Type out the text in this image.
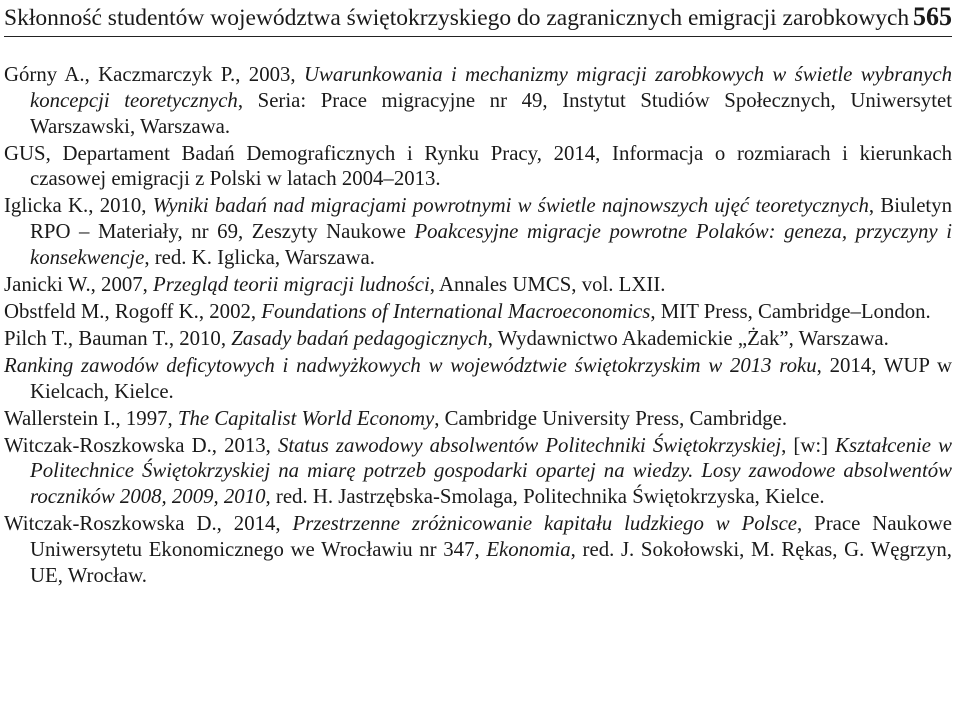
Skłonność studentów województwa świętokrzyskiego do zagranicznych emigracji zarobkowych 565

Górny A., Kaczmarczyk P., 2003, Uwarunkowania i mechanizmy migracji zarobkowych w świetle wybranych koncepcji teoretycznych, Seria: Prace migracyjne nr 49, Instytut Studiów Społecznych, Uniwersytet Warszawski, Warszawa.

GUS, Departament Badań Demograficznych i Rynku Pracy, 2014, Informacja o rozmiarach i kierunkach czasowej emigracji z Polski w latach 2004–2013.

Iglicka K., 2010, Wyniki badań nad migracjami powrotnymi w świetle najnowszych ujęć teoretycznych, Biuletyn RPO – Materiały, nr 69, Zeszyty Naukowe Poakcesyjne migracje powrotne Polaków: geneza, przyczyny i konsekwencje, red. K. Iglicka, Warszawa.

Janicki W., 2007, Przegląd teorii migracji ludności, Annales UMCS, vol. LXII.

Obstfeld M., Rogoff K., 2002, Foundations of International Macroeconomics, MIT Press, Cambridge–London.

Pilch T., Bauman T., 2010, Zasady badań pedagogicznych, Wydawnictwo Akademickie „Żak”, Warszawa.

Ranking zawodów deficytowych i nadwyżkowych w województwie świętokrzyskim w 2013 roku, 2014, WUP w Kielcach, Kielce.

Wallerstein I., 1997, The Capitalist World Economy, Cambridge University Press, Cambridge.

Witczak-Roszkowska D., 2013, Status zawodowy absolwentów Politechniki Świętokrzyskiej, [w:] Kształcenie w Politechnice Świętokrzyskiej na miarę potrzeb gospodarki opartej na wiedzy. Losy zawodowe absolwentów roczników 2008, 2009, 2010, red. H. Jastrzębska-Smolaga, Politechnika Świętokrzyska, Kielce.

Witczak-Roszkowska D., 2014, Przestrzenne zróżnicowanie kapitału ludzkiego w Polsce, Prace Naukowe Uniwersytetu Ekonomicznego we Wrocławiu nr 347, Ekonomia, red. J. Sokołowski, M. Rękas, G. Węgrzyn, UE, Wrocław.
